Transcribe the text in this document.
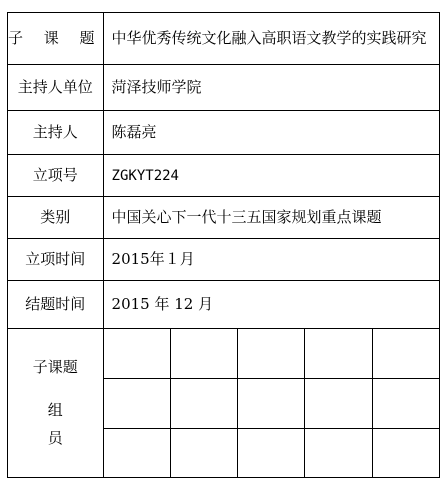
子 课 题	中华优秀传统文化融入高职语文教学的实践研究				
主持人单位	菏泽技师学院				
主持人	陈磊亮				
立项号	ZGKYT224				
类别	中国关心下一代十三五国家规划重点课题				
立项时间	2015年１月				
结题时间	2015 年 12 月				

子课题
组 员					
